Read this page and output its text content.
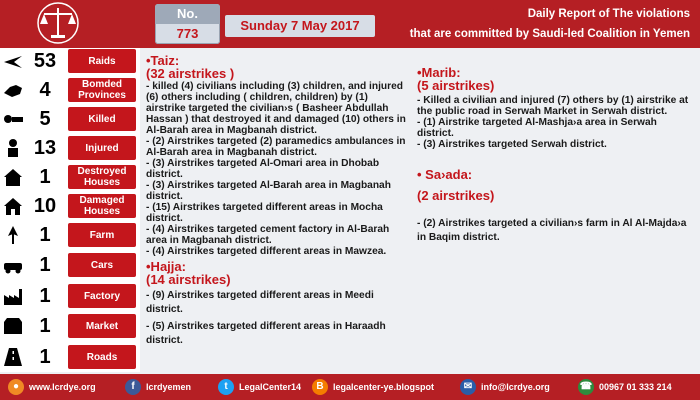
No.
773
Sunday 7 May 2017
Daily Report of The violations
that are committed by Saudi-led Coalition in Yemen
53	Raids
4	Bomded Provinces
5	Killed
13	Injured
1	Destroyed Houses
10	Damaged Houses
1	Farm
1	Cars
1	Factory
1	Market
1	Roads
•Taiz:
(32 airstrikes )

- killed (4) civilians including (3) children, and injured (6) others including ( children, children) by (1) airstrike targeted the civilian›s ( Basheer Abdullah Hassan ) that destroyed it and damaged (10) others in Al-Barah area in Magbanah district.

- (2) Airstrikes targeted (2) paramedics ambulances in Al-Barah area in Magbanah district.

- (3) Airstrikes targeted Al-Omari area in Dhobab district.

- (3) Airstrikes targeted Al-Barah area in Magbanah district.

- (15) Airstrikes targeted different areas in Mocha district.

- (4) Airstrikes targeted cement factory in Al-Barah area in Magbanah district.

- (4) Airstrikes targeted different areas in Mawzea.

•Hajja:
(14 airstrikes)

- (9) Airstrikes targeted different areas in Meedi district.

- (5) Airstrikes targeted different areas in Haraadh district.

•Marib:
(5 airstrikes)

- Killed a civilian and injured (7) others by (1) airstrike at the public road in Serwah Market in Serwah district.

- (1) Airstrike targeted Al-Mashja›a area in Serwah district.

- (3) Airstrikes targeted Serwah district.

• Sa›ada:
(2 airstrikes)

- (2) Airstrikes targeted a civilian›s farm in Al Al-Majda›a in Baqim district.

●	www.lcrdye.org	f	lcrdyemen	t	LegalCenter14	B	legalcenter-ye.blogspot	✉ info@lcrdye.org	☎ 00967 01 333 214
